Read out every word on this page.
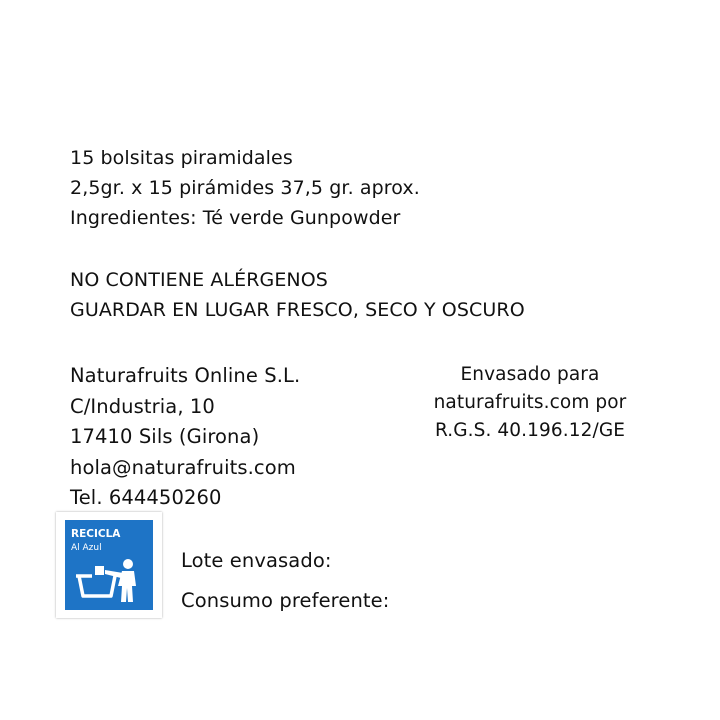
15 bolsitas piramidales
2,5gr. x 15 pirámides 37,5 gr. aprox.
Ingredientes: Té verde Gunpowder
NO CONTIENE ALÉRGENOS
GUARDAR EN LUGAR FRESCO, SECO Y OSCURO
Naturafruits Online S.L.
C/Industria, 10
17410 Sils (Girona)
hola@naturafruits.com
Tel. 644450260
Envasado para
naturafruits.com por
R.G.S. 40.196.12/GE
RECICLA
Al Azul
Lote envasado:
Consumo preferente:
